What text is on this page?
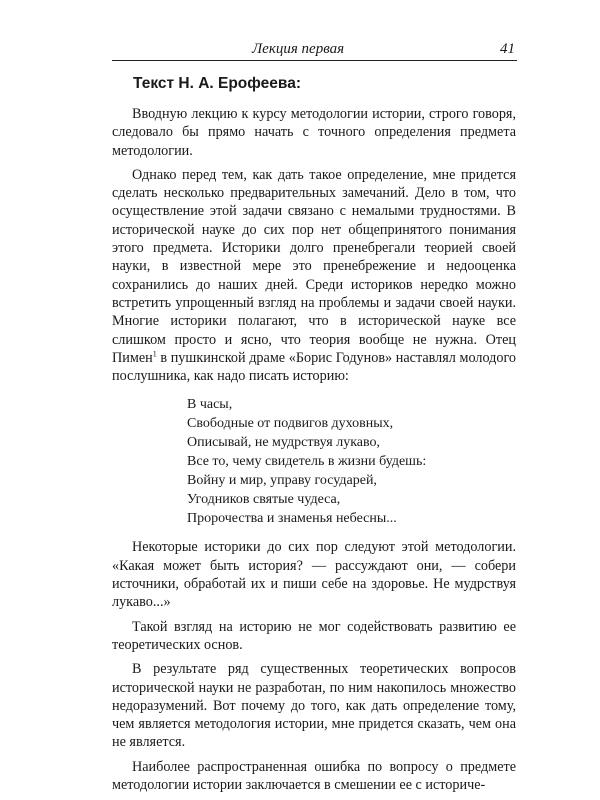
Лекция первая	41
Текст Н. А. Ерофеева:

Вводную лекцию к курсу методологии истории, строго говоря, следовало бы прямо начать с точного определения предмета методологии.

Однако перед тем, как дать такое определение, мне придется сделать несколько предварительных замечаний. Дело в том, что осуществление этой задачи связано с немалыми трудностями. В исторической науке до сих пор нет общепринятого понимания этого предмета. Историки долго пренебрегали теорией своей науки, в известной мере это пренебрежение и недооценка сохранились до наших дней. Среди историков нередко можно встретить упрощенный взгляд на проблемы и задачи своей науки. Многие историки полагают, что в исторической науке все слишком просто и ясно, что теория вообще не нужна. Отец Пимен$^1$ в пушкинской драме «Борис Годунов» наставлял молодого послушника, как надо писать историю:

В часы,
Свободные от подвигов духовных,
Описывай, не мудрствуя лукаво,
Все то, чему свидетель в жизни будешь:
Войну и мир, управу государей,
Угодников святые чудеса,
Пророчества и знаменья небесны...

Некоторые историки до сих пор следуют этой методологии. «Какая может быть история? — рассуждают они, — собери источники, обработай их и пиши себе на здоровье. Не мудрствуя лукаво...»

Такой взгляд на историю не мог содействовать развитию ее теоретических основ.

В результате ряд существенных теоретических вопросов исторической науки не разработан, по ним накопилось множество недоразумений. Вот почему до того, как дать определение тому, чем является методология истории, мне придется сказать, чем она не является.

Наиболее распространенная ошибка по вопросу о предмете методологии истории заключается в смешении ее с историче-
